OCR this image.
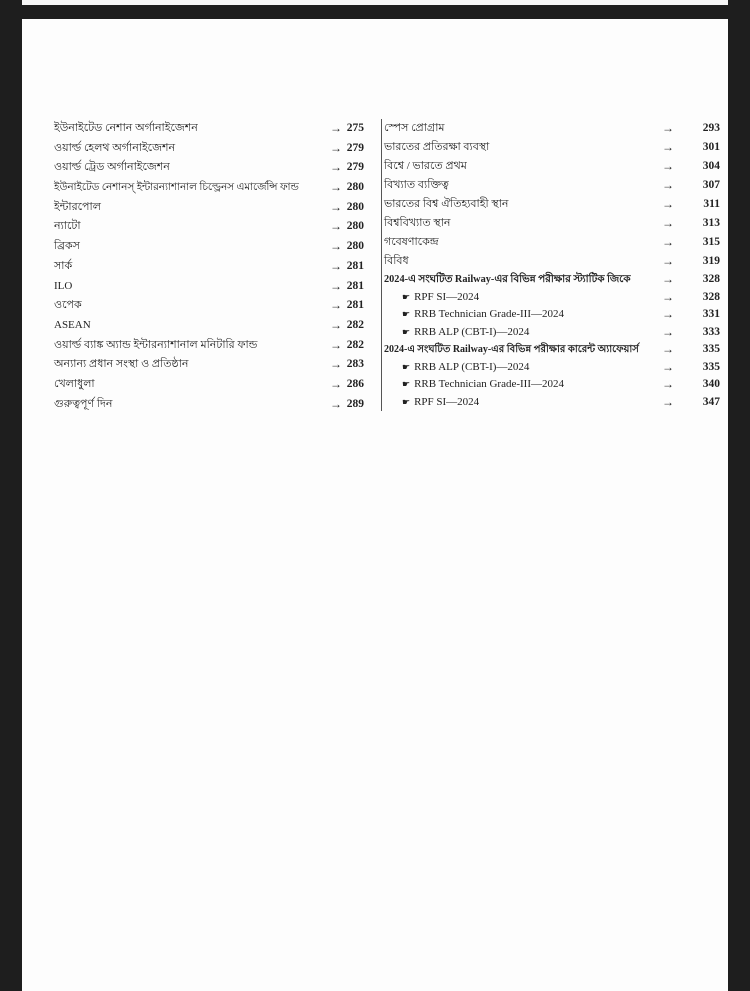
ইউনাইটেড নেশান অর্গানাইজেশন	→ 275
ওয়ার্ল্ড হেলথ অর্গানাইজেশন	→ 279
ওয়ার্ল্ড ট্রেড অর্গানাইজেশন	→ 279
ইউনাইটেড নেশানস্ ইন্টারন্যাশানাল চিল্ড্রেনস এমার্জেন্সি ফান্ড	→ 280
ইন্টারপোল	→ 280
ন্যাটো	→ 280
ব্রিকস	→ 280
সার্ক	→ 281
ILO	→ 281
ওপেক	→ 281
ASEAN	→ 282
ওয়ার্ল্ড ব্যাঙ্ক অ্যান্ড ইন্টারন্যাশানাল মনিটারি ফান্ড	→ 282
অন্যান্য প্রধান সংস্থা ও প্রতিষ্ঠান	→ 283
খেলাধুলা	→ 286
গুরুত্বপূর্ণ দিন	→ 289
স্পেস প্রোগ্রাম	→	293
ভারতের প্রতিরক্ষা ব্যবস্থা	→	301
বিশ্বে / ভারতে প্রথম	→	304
বিখ্যাত ব্যক্তিত্ব	→	307
ভারতের বিশ্ব ঐতিহ্যবাহী স্থান	→	311
বিশ্ববিখ্যাত স্থান	→	313
গবেষণাকেন্দ্র	→	315
বিবিধ	→	319
2024-এ সংঘটিত Railway-এর বিভিন্ন পরীক্ষার স্ট্যাটিক জিকে	→	328
☛ RPF SI—2024	→	328
☛ RRB Technician Grade-III—2024	→	331
☛ RRB ALP (CBT-I)—2024	→	333
2024-এ সংঘটিত Railway-এর বিভিন্ন পরীক্ষার কারেন্ট অ্যাফেয়ার্স →	335
☛ RRB ALP (CBT-I)—2024	→	335
☛ RRB Technician Grade-III—2024	→	340
☛ RPF SI—2024	→	347
